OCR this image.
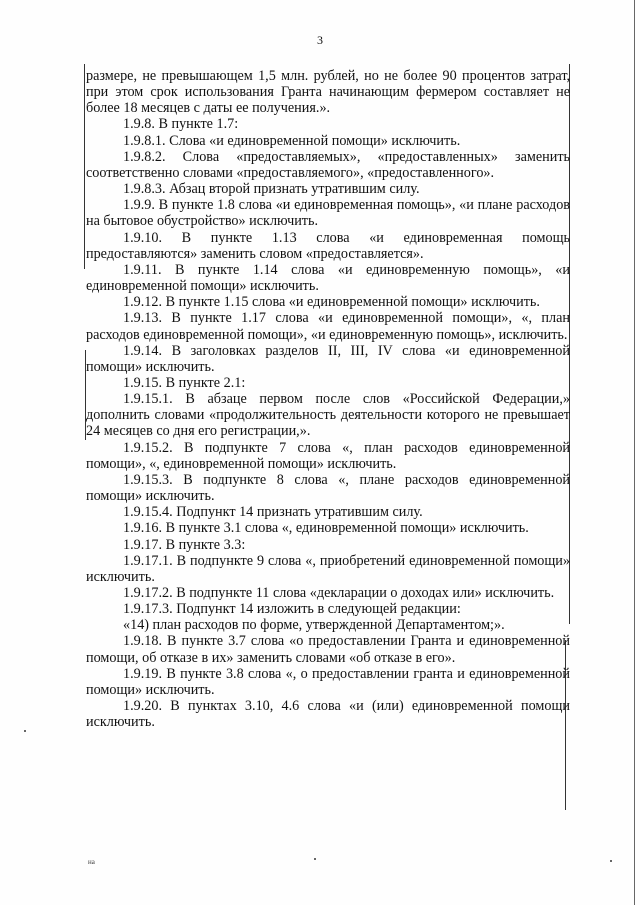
3

размере, не превышающем 1,5 млн. рублей, но не более 90 процентов затрат, при этом срок использования Гранта начинающим фермером составляет не более 18 месяцев с даты ее получения.».

1.9.8. В пункте 1.7:

1.9.8.1. Слова «и единовременной помощи» исключить.

1.9.8.2. Слова «предоставляемых», «предоставленных» заменить соответственно словами «предоставляемого», «предоставленного».

1.9.8.3. Абзац второй признать утратившим силу.

1.9.9. В пункте 1.8 слова «и единовременная помощь», «и плане расходов на бытовое обустройство» исключить.

1.9.10. В пункте 1.13 слова «и единовременная помощь предоставляются» заменить словом «предоставляется».

1.9.11. В пункте 1.14 слова «и единовременную помощь», «и единовременной помощи» исключить.

1.9.12. В пункте 1.15 слова «и единовременной помощи» исключить.

1.9.13. В пункте 1.17 слова «и единовременной помощи», «, план расходов единовременной помощи», «и единовременную помощь», исключить.

1.9.14. В заголовках разделов II, III, IV слова «и единовременной помощи» исключить.

1.9.15. В пункте 2.1:

1.9.15.1. В абзаце первом после слов «Российской Федерации,» дополнить словами «продолжительность деятельности которого не превышает 24 месяцев со дня его регистрации,».

1.9.15.2. В подпункте 7 слова «, план расходов единовременной помощи», «, единовременной помощи» исключить.

1.9.15.3. В подпункте 8 слова «, плане расходов единовременной помощи» исключить.

1.9.15.4. Подпункт 14 признать утратившим силу.

1.9.16. В пункте 3.1 слова «, единовременной помощи» исключить.

1.9.17. В пункте 3.3:

1.9.17.1. В подпункте 9 слова «, приобретений единовременной помощи» исключить.

1.9.17.2. В подпункте 11 слова «декларации о доходах или» исключить.

1.9.17.3. Подпункт 14 изложить в следующей редакции:

«14) план расходов по форме, утвержденной Департаментом;».

1.9.18. В пункте 3.7 слова «о предоставлении Гранта и единовременной помощи, об отказе в их» заменить словами «об отказе в его».

1.9.19. В пункте 3.8 слова «, о предоставлении гранта и единовременной помощи» исключить.

1.9.20. В пунктах 3.10, 4.6 слова «и (или) единовременной помощи исключить.

на
